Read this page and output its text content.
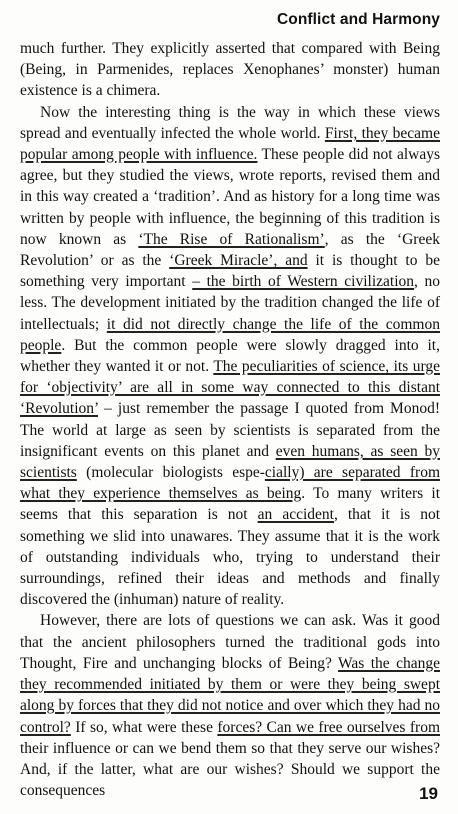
Conflict and Harmony

much further. They explicitly asserted that compared with Being (Being, in Parmenides, replaces Xenophanes’ monster) human existence is a chimera.

Now the interesting thing is the way in which these views spread and eventually infected the whole world. First, they became popular among people with influence. These people did not always agree, but they studied the views, wrote reports, revised them and in this way created a ‘tradition’. And as history for a long time was written by people with influence, the beginning of this tradition is now known as ‘The Rise of Rationalism’, as the ‘Greek Revolution’ or as the ‘Greek Miracle’, and it is thought to be something very important – the birth of Western civilization, no less. The development initiated by the tradition changed the life of intellectuals; it did not directly change the life of the common people. But the common people were slowly dragged into it, whether they wanted it or not. The peculiarities of science, its urge for ‘objectivity’ are all in some way connected to this distant ‘Revolution’ – just remember the passage I quoted from Monod! The world at large as seen by scientists is separated from the insignificant events on this planet and even humans, as seen by scientists (molecular biologists espe-cially) are separated from what they experience themselves as being. To many writers it seems that this separation is not an accident, that it is not something we slid into unawares. They assume that it is the work of outstanding individuals who, trying to understand their surroundings, refined their ideas and methods and finally discovered the (inhuman) nature of reality.

However, there are lots of questions we can ask. Was it good that the ancient philosophers turned the traditional gods into Thought, Fire and unchanging blocks of Being? Was the change they recommended initiated by them or were they being swept along by forces that they did not notice and over which they had no control? If so, what were these forces? Can we free ourselves from their influence or can we bend them so that they serve our wishes? And, if the latter, what are our wishes? Should we support the consequences	19
